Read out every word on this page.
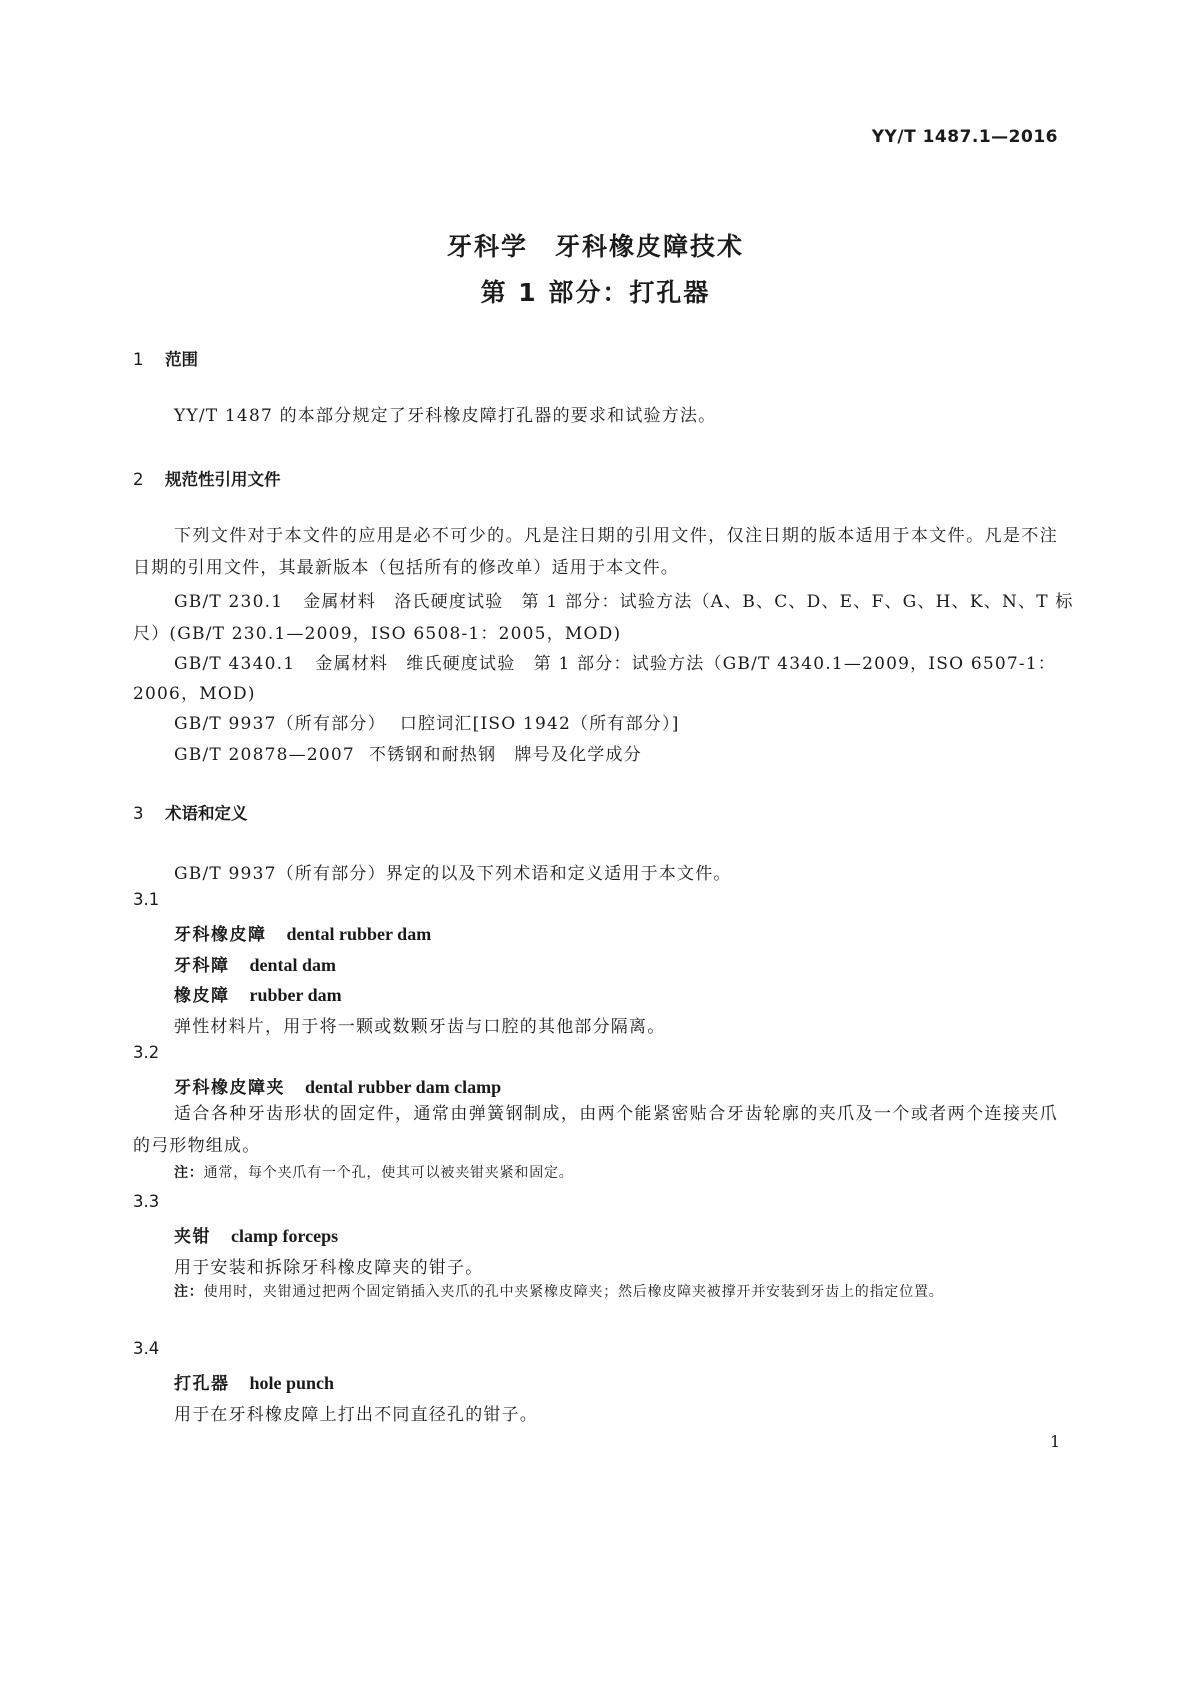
YY/T 1487.1—2016
牙科学　牙科橡皮障技术
第 1 部分：打孔器
1 范围
YY/T 1487 的本部分规定了牙科橡皮障打孔器的要求和试验方法。
2 规范性引用文件
下列文件对于本文件的应用是必不可少的。凡是注日期的引用文件，仅注日期的版本适用于本文件。凡是不注日期的引用文件，其最新版本（包括所有的修改单）适用于本文件。
GB/T 230.1 金属材料　洛氏硬度试验　第 1 部分：试验方法（A、B、C、D、E、F、G、H、K、N、T 标
尺）(GB/T 230.1—2009，ISO 6508-1：2005，MOD)
GB/T 4340.1 金属材料　维氏硬度试验　第 1 部分：试验方法（GB/T 4340.1—2009，ISO 6507-1：
2006，MOD)
GB/T 9937（所有部分） 口腔词汇[ISO 1942（所有部分）]
GB/T 20878—2007 不锈钢和耐热钢　牌号及化学成分
3 术语和定义
GB/T 9937（所有部分）界定的以及下列术语和定义适用于本文件。
3.1
牙科橡皮障 dental rubber dam
牙科障 dental dam
橡皮障 rubber dam
弹性材料片，用于将一颗或数颗牙齿与口腔的其他部分隔离。
3.2
牙科橡皮障夹 dental rubber dam clamp
适合各种牙齿形状的固定件，通常由弹簧钢制成，由两个能紧密贴合牙齿轮廓的夹爪及一个或者两个连接夹爪的弓形物组成。
注：通常，每个夹爪有一个孔，使其可以被夹钳夹紧和固定。
3.3
夹钳 clamp forceps
用于安装和拆除牙科橡皮障夹的钳子。
注： 使用时，夹钳通过把两个固定销插入夹爪的孔中夹紧橡皮障夹；然后橡皮障夹被撑开并安装到牙齿上的指定位置。
3.4
打孔器 hole punch
用于在牙科橡皮障上打出不同直径孔的钳子。
1
